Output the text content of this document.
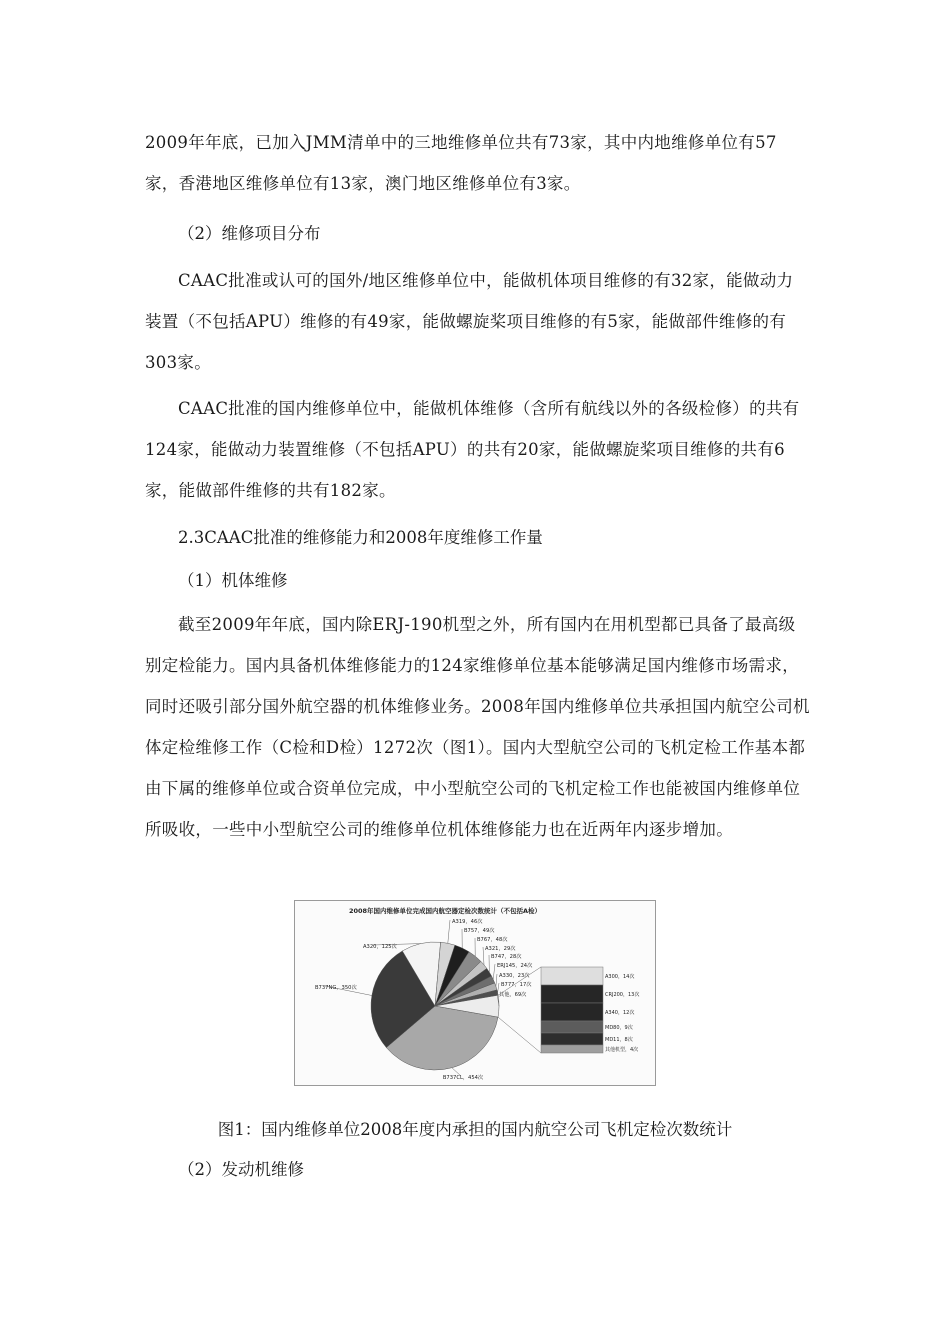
2009年年底，已加入JMM清单中的三地维修单位共有73家，其中内地维修单位有57家，香港地区维修单位有13家，澳门地区维修单位有3家。

（2）维修项目分布

CAAC批准或认可的国外/地区维修单位中，能做机体项目维修的有32家，能做动力装置（不包括APU）维修的有49家，能做螺旋桨项目维修的有5家，能做部件维修的有303家。

CAAC批准的国内维修单位中，能做机体维修（含所有航线以外的各级检修）的共有124家，能做动力装置维修（不包括APU）的共有20家，能做螺旋桨项目维修的共有6家，能做部件维修的共有182家。

2.3CAAC批准的维修能力和2008年度维修工作量
（1）机体维修

截至2009年年底，国内除ERJ-190机型之外，所有国内在用机型都已具备了最高级别定检能力。国内具备机体维修能力的124家维修单位基本能够满足国内维修市场需求，同时还吸引部分国外航空器的机体维修业务。2008年国内维修单位共承担国内航空公司机体定检维修工作（C检和D检）1272次（图1）。国内大型航空公司的飞机定检工作基本都由下属的维修单位或合资单位完成，中小型航空公司的飞机定检工作也能被国内维修单位所吸收，一些中小型航空公司的维修单位机体维修能力也在近两年内逐步增加。

2008年国内维修单位完成国内航空器定检次数统计（不包括A检）
B737CL，454次
B737NG，350次
A320，125次
A319，46次
B757，49次
B767，48次
A321，29次
B747，28次
ERJ145，24次
A330，23次
B777，17次
其他，69次
A300，14次
CRJ200，13次
A340，12次
MD80，9次
MD11，8次
其他机型，4次
图1：国内维修单位2008年度内承担的国内航空公司飞机定检次数统计
（2）发动机维修
